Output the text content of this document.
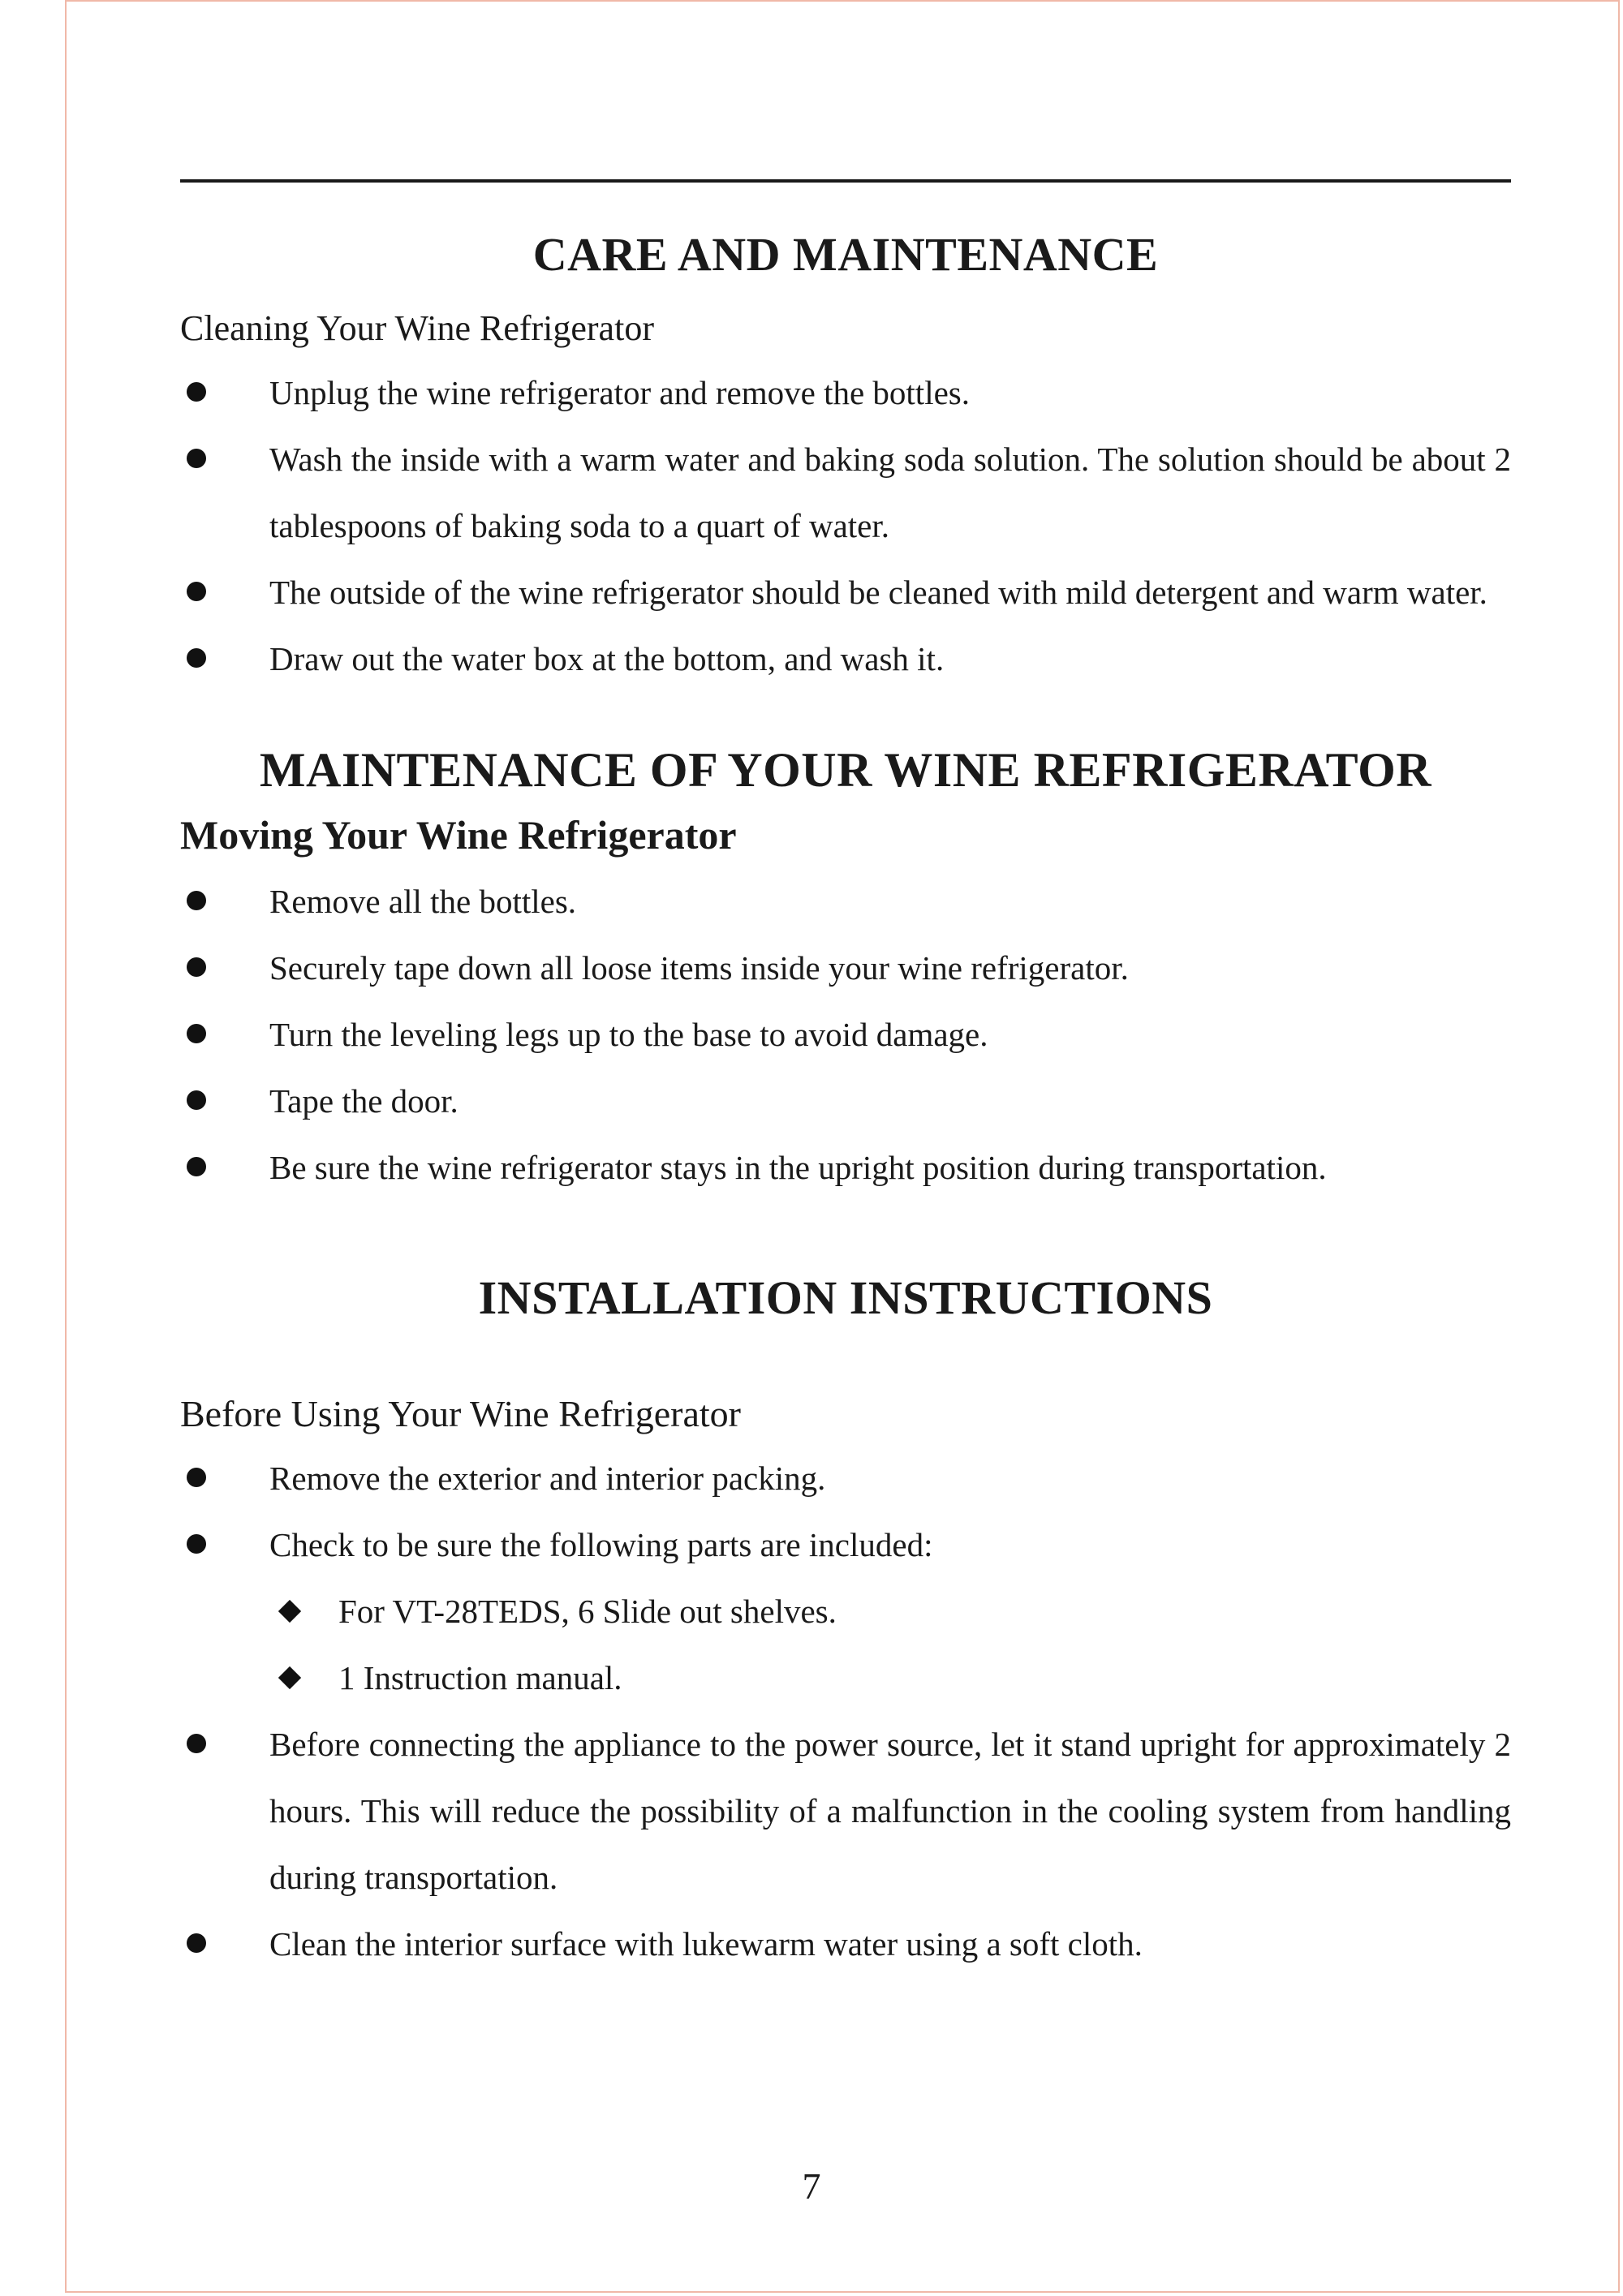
CARE AND MAINTENANCE
Cleaning Your Wine Refrigerator
Unplug the wine refrigerator and remove the bottles.
Wash the inside with a warm water and baking soda solution. The solution should be about 2 tablespoons of baking soda to a quart of water.
The outside of the wine refrigerator should be cleaned with mild detergent and warm water.
Draw out the water box at the bottom, and wash it.
MAINTENANCE OF YOUR WINE REFRIGERATOR
Moving Your Wine Refrigerator
Remove all the bottles.
Securely tape down all loose items inside your wine refrigerator.
Turn the leveling legs up to the base to avoid damage.
Tape the door.
Be sure the wine refrigerator stays in the upright position during transportation.
INSTALLATION INSTRUCTIONS
Before Using Your Wine Refrigerator
Remove the exterior and interior packing.
Check to be sure the following parts are included:
For VT-28TEDS, 6 Slide out shelves.
1 Instruction manual.
Before connecting the appliance to the power source, let it stand upright for approximately 2 hours. This will reduce the possibility of a malfunction in the cooling system from handling during transportation.
Clean the interior surface with lukewarm water using a soft cloth.
7
